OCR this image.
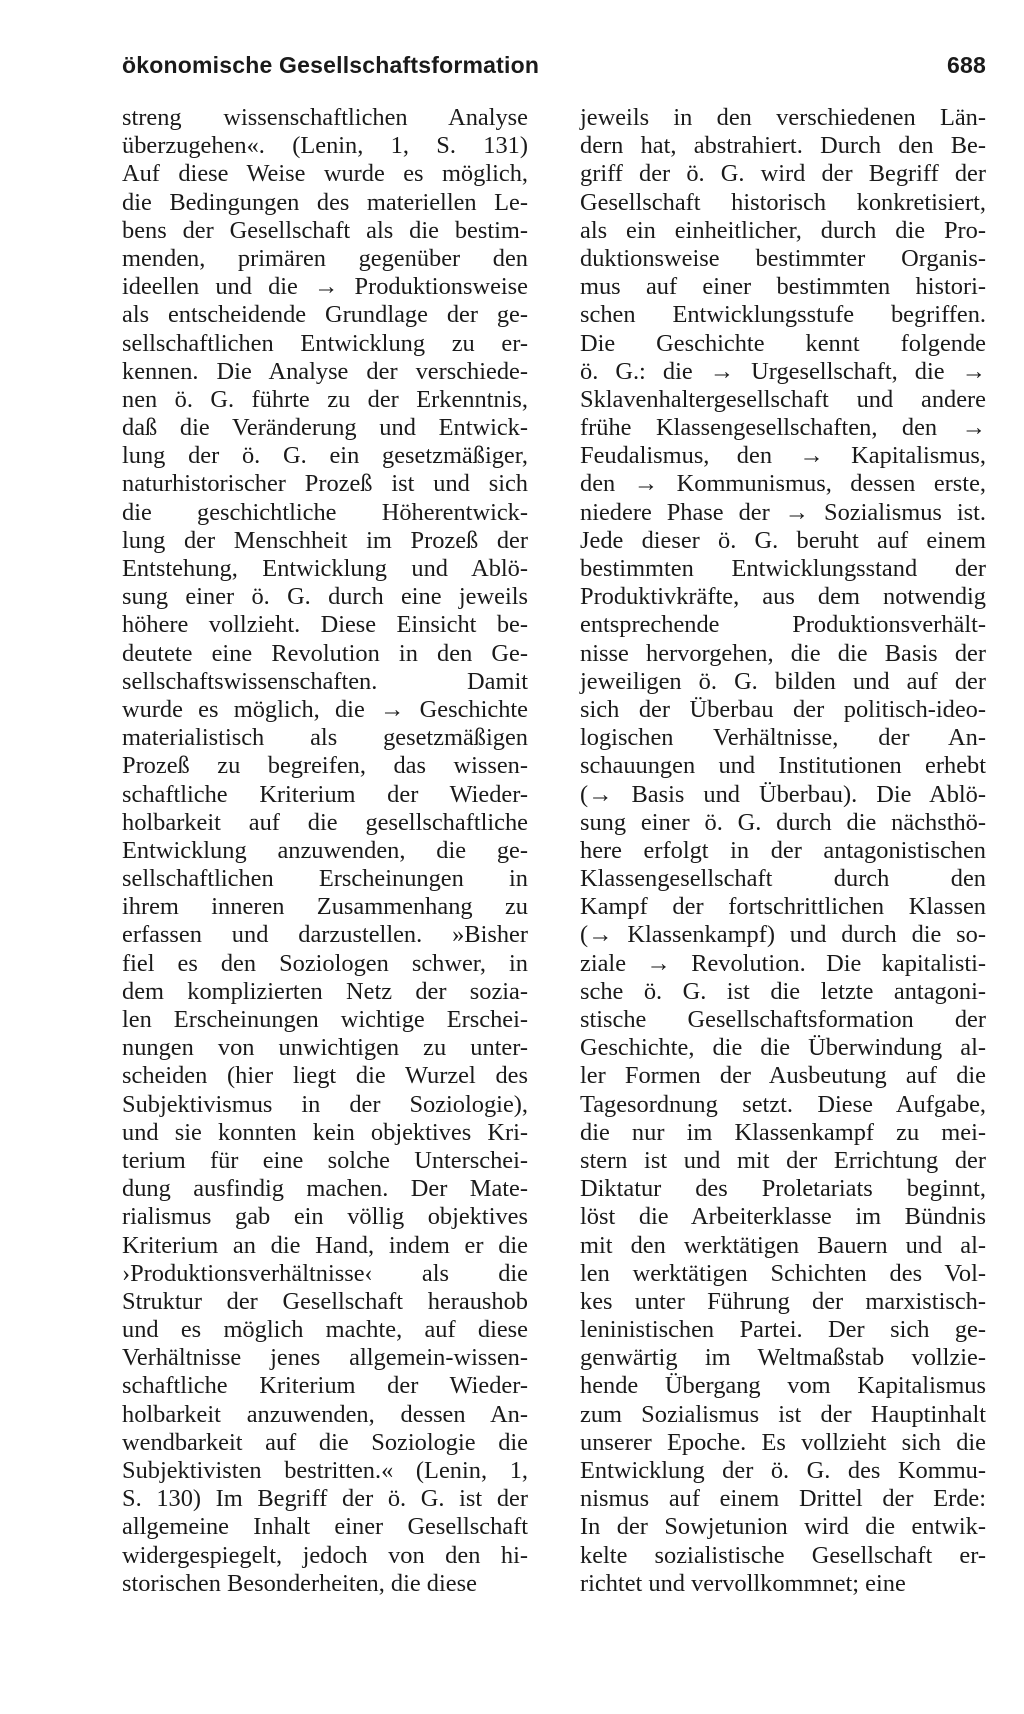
ökonomische Gesellschaftsformation	688
streng wissenschaftlichen Analyse
überzugehen«. (Lenin, 1, S. 131)
Auf diese Weise wurde es möglich,
die Bedingungen des materiellen Le-
bens der Gesellschaft als die bestim-
menden, primären gegenüber den
ideellen und die → Produktionsweise
als entscheidende Grundlage der ge-
sellschaftlichen Entwicklung zu er-
kennen. Die Analyse der verschiede-
nen ö. G. führte zu der Erkenntnis,
daß die Veränderung und Entwick-
lung der ö. G. ein gesetzmäßiger,
naturhistorischer Prozeß ist und sich
die geschichtliche Höherentwick-
lung der Menschheit im Prozeß der
Entstehung, Entwicklung und Ablö-
sung einer ö. G. durch eine jeweils
höhere vollzieht. Diese Einsicht be-
deutete eine Revolution in den Ge-
sellschaftswissenschaften. Damit
wurde es möglich, die → Geschichte
materialistisch als gesetzmäßigen
Prozeß zu begreifen, das wissen-
schaftliche Kriterium der Wieder-
holbarkeit auf die gesellschaftliche
Entwicklung anzuwenden, die ge-
sellschaftlichen Erscheinungen in
ihrem inneren Zusammenhang zu
erfassen und darzustellen. »Bisher
fiel es den Soziologen schwer, in
dem komplizierten Netz der sozia-
len Erscheinungen wichtige Erschei-
nungen von unwichtigen zu unter-
scheiden (hier liegt die Wurzel des
Subjektivismus in der Soziologie),
und sie konnten kein objektives Kri-
terium für eine solche Unterschei-
dung ausfindig machen. Der Mate-
rialismus gab ein völlig objektives
Kriterium an die Hand, indem er die
›Produktionsverhältnisse‹ als die
Struktur der Gesellschaft heraushob
und es möglich machte, auf diese
Verhältnisse jenes allgemein-wissen-
schaftliche Kriterium der Wieder-
holbarkeit anzuwenden, dessen An-
wendbarkeit auf die Soziologie die
Subjektivisten bestritten.« (Lenin, 1,
S. 130) Im Begriff der ö. G. ist der
allgemeine Inhalt einer Gesellschaft
widergespiegelt, jedoch von den hi-
storischen Besonderheiten, die diese
jeweils in den verschiedenen Län-
dern hat, abstrahiert. Durch den Be-
griff der ö. G. wird der Begriff der
Gesellschaft historisch konkretisiert,
als ein einheitlicher, durch die Pro-
duktionsweise bestimmter Organis-
mus auf einer bestimmten histori-
schen Entwicklungsstufe begriffen.
Die Geschichte kennt folgende
ö. G.: die → Urgesellschaft, die →
Sklavenhaltergesellschaft und andere
frühe Klassengesellschaften, den →
Feudalismus, den → Kapitalismus,
den → Kommunismus, dessen erste,
niedere Phase der → Sozialismus ist.
Jede dieser ö. G. beruht auf einem
bestimmten Entwicklungsstand der
Produktivkräfte, aus dem notwendig
entsprechende Produktionsverhält-
nisse hervorgehen, die die Basis der
jeweiligen ö. G. bilden und auf der
sich der Überbau der politisch-ideo-
logischen Verhältnisse, der An-
schauungen und Institutionen erhebt
(→ Basis und Überbau). Die Ablö-
sung einer ö. G. durch die nächsthö-
here erfolgt in der antagonistischen
Klassengesellschaft durch den
Kampf der fortschrittlichen Klassen
(→ Klassenkampf) und durch die so-
ziale → Revolution. Die kapitalisti-
sche ö. G. ist die letzte antagoni-
stische Gesellschaftsformation der
Geschichte, die die Überwindung al-
ler Formen der Ausbeutung auf die
Tagesordnung setzt. Diese Aufgabe,
die nur im Klassenkampf zu mei-
stern ist und mit der Errichtung der
Diktatur des Proletariats beginnt,
löst die Arbeiterklasse im Bündnis
mit den werktätigen Bauern und al-
len werktätigen Schichten des Vol-
kes unter Führung der marxistisch-
leninistischen Partei. Der sich ge-
genwärtig im Weltmaßstab vollzie-
hende Übergang vom Kapitalismus
zum Sozialismus ist der Hauptinhalt
unserer Epoche. Es vollzieht sich die
Entwicklung der ö. G. des Kommu-
nismus auf einem Drittel der Erde:
In der Sowjetunion wird die entwik-
kelte sozialistische Gesellschaft er-
richtet und vervollkommnet; eine
